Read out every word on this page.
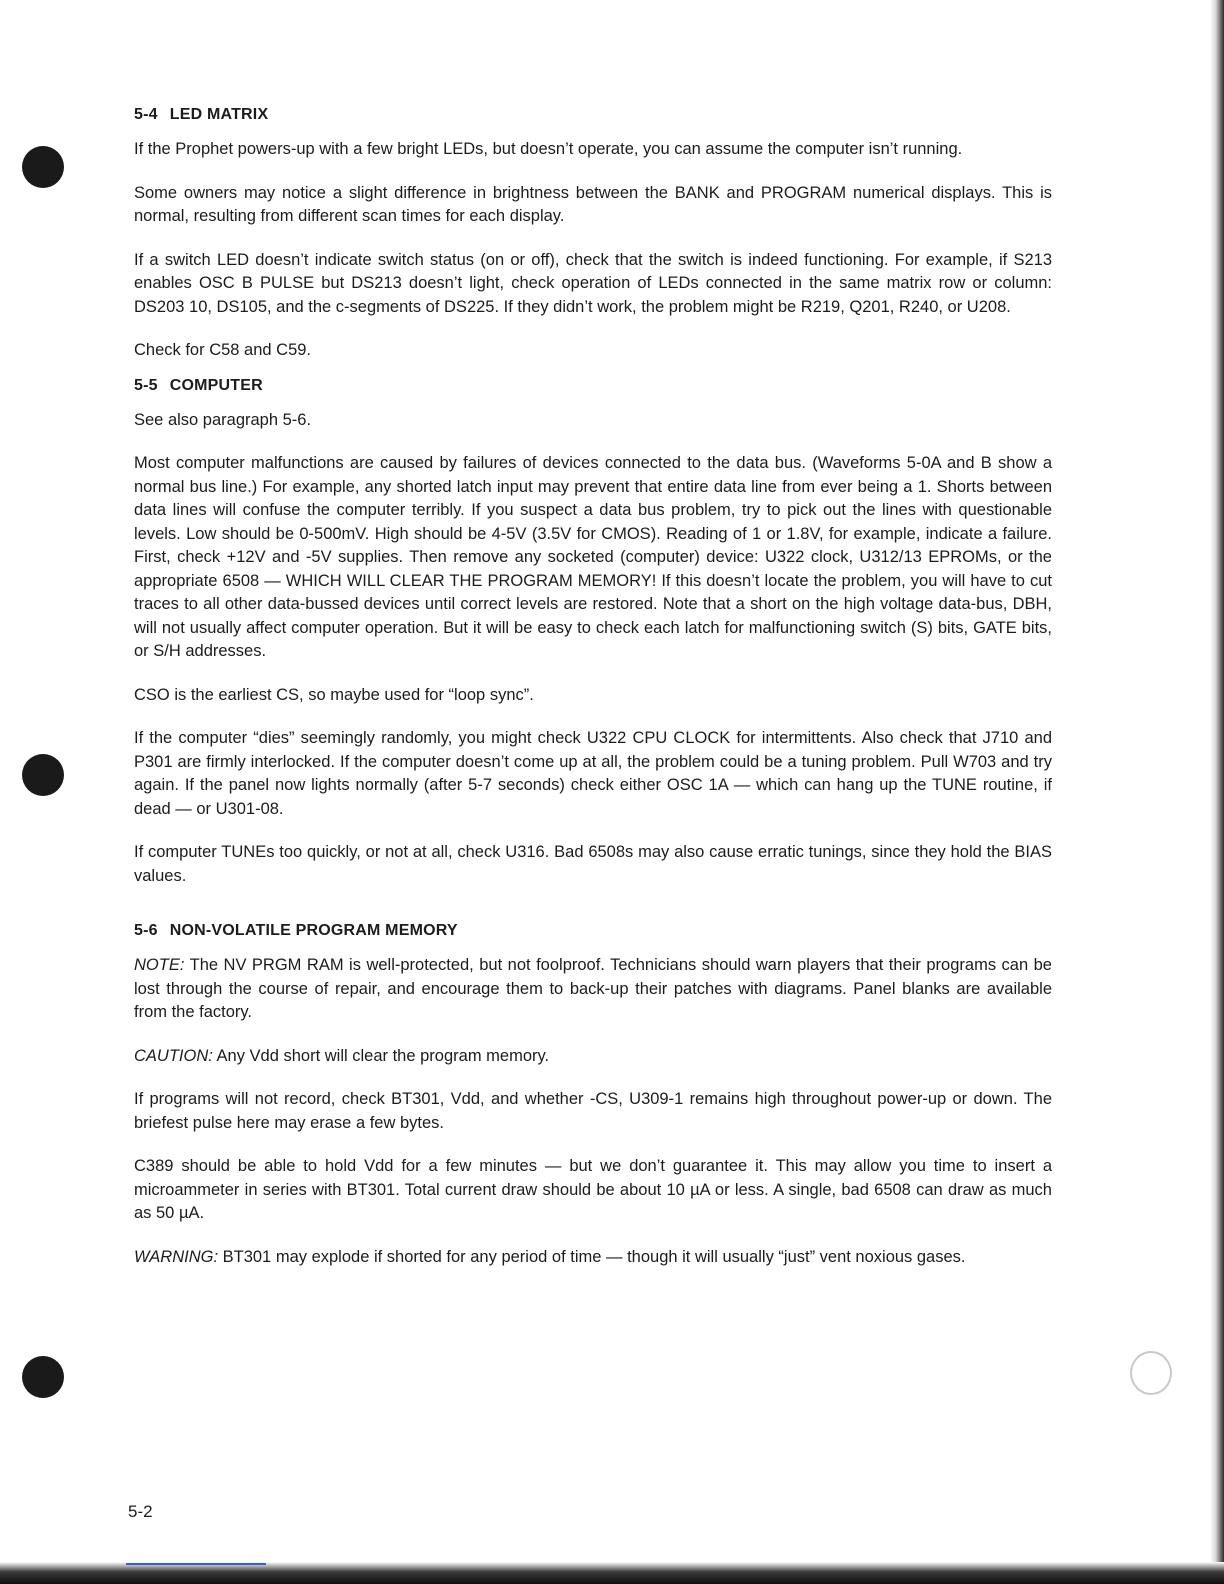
5-4 LED MATRIX

If the Prophet powers-up with a few bright LEDs, but doesn’t operate, you can assume the computer isn’t running.

Some owners may notice a slight difference in brightness between the BANK and PROGRAM numerical displays. This is normal, resulting from different scan times for each display.

If a switch LED doesn’t indicate switch status (on or off), check that the switch is indeed functioning. For example, if S213 enables OSC B PULSE but DS213 doesn’t light, check operation of LEDs connected in the same matrix row or column: DS203 10, DS105, and the c-segments of DS225. If they didn’t work, the problem might be R219, Q201, R240, or U208.

Check for C58 and C59.

5-5 COMPUTER

See also paragraph 5-6.

Most computer malfunctions are caused by failures of devices connected to the data bus. (Waveforms 5-0A and B show a normal bus line.) For example, any shorted latch input may prevent that entire data line from ever being a 1. Shorts between data lines will confuse the computer terribly. If you suspect a data bus problem, try to pick out the lines with questionable levels. Low should be 0-500mV. High should be 4-5V (3.5V for CMOS). Reading of 1 or 1.8V, for example, indicate a failure. First, check +12V and -5V supplies. Then remove any socketed (computer) device: U322 clock, U312/13 EPROMs, or the appropriate 6508 — WHICH WILL CLEAR THE PROGRAM MEMORY! If this doesn’t locate the problem, you will have to cut traces to all other data-bussed devices until correct levels are restored. Note that a short on the high voltage data-bus, DBH, will not usually affect computer operation. But it will be easy to check each latch for malfunctioning switch (S) bits, GATE bits, or S/H addresses.

CSO is the earliest CS, so maybe used for “loop sync”.

If the computer “dies” seemingly randomly, you might check U322 CPU CLOCK for intermittents. Also check that J710 and P301 are firmly interlocked. If the computer doesn’t come up at all, the problem could be a tuning problem. Pull W703 and try again. If the panel now lights normally (after 5-7 seconds) check either OSC 1A — which can hang up the TUNE routine, if dead — or U301-08.

If computer TUNEs too quickly, or not at all, check U316. Bad 6508s may also cause erratic tunings, since they hold the BIAS values.

5-6 NON-VOLATILE PROGRAM MEMORY

NOTE: The NV PRGM RAM is well-protected, but not foolproof. Technicians should warn players that their programs can be lost through the course of repair, and encourage them to back-up their patches with diagrams. Panel blanks are available from the factory.

CAUTION: Any Vdd short will clear the program memory.

If programs will not record, check BT301, Vdd, and whether -CS, U309-1 remains high throughout power-up or down. The briefest pulse here may erase a few bytes.

C389 should be able to hold Vdd for a few minutes — but we don’t guarantee it. This may allow you time to insert a microammeter in series with BT301. Total current draw should be about 10 µA or less. A single, bad 6508 can draw as much as 50 µA.

WARNING: BT301 may explode if shorted for any period of time — though it will usually “just” vent noxious gases.

5-2
